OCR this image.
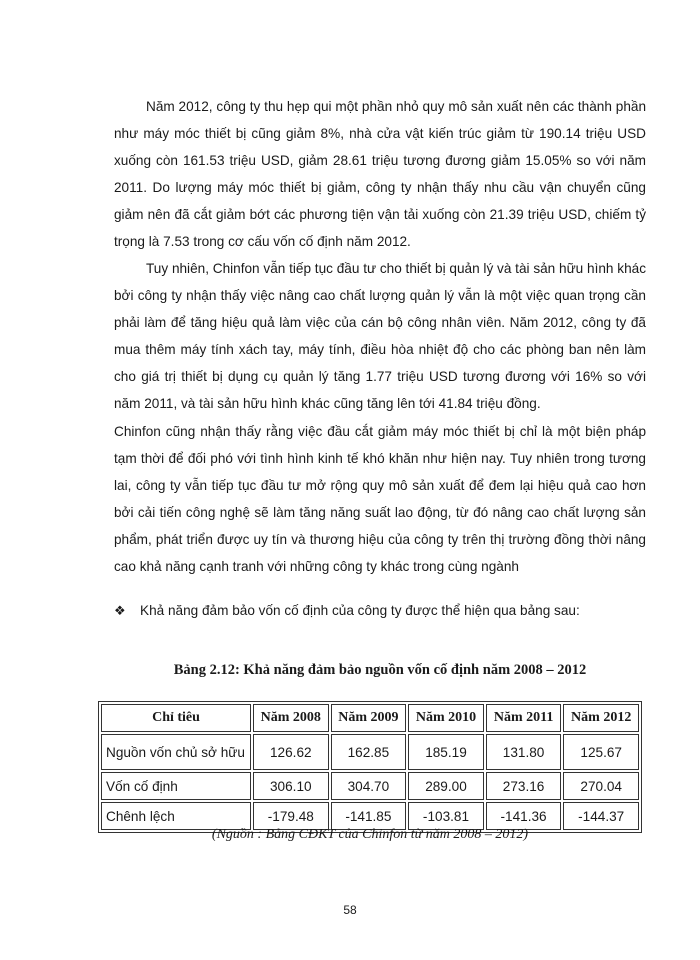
Năm 2012, công ty thu hẹp qui một phần nhỏ quy mô sản xuất nên các thành phần như máy móc thiết bị cũng giảm 8%, nhà cửa vật kiến trúc giảm từ 190.14 triệu USD xuống còn 161.53 triệu USD, giảm 28.61 triệu tương đương giảm 15.05% so với năm 2011. Do lượng máy móc thiết bị giảm, công ty nhận thấy nhu cầu vận chuyển cũng giảm nên đã cắt giảm bớt các phương tiện vận tải xuống còn 21.39 triệu USD, chiếm tỷ trọng là 7.53 trong cơ cấu vốn cố định năm 2012.

Tuy nhiên, Chinfon vẫn tiếp tục đầu tư cho thiết bị quản lý và tài sản hữu hình khác bởi công ty nhận thấy việc nâng cao chất lượng quản lý vẫn là một việc quan trọng cần phải làm để tăng hiệu quả làm việc của cán bộ công nhân viên. Năm 2012, công ty đã mua thêm máy tính xách tay, máy tính, điều hòa nhiệt độ cho các phòng ban nên làm cho giá trị thiết bị dụng cụ quản lý tăng 1.77 triệu USD tương đương với 16% so với năm 2011, và tài sản hữu hình khác cũng tăng lên tới 41.84 triệu đồng.

Chinfon cũng nhận thấy rằng việc đầu cắt giảm máy móc thiết bị chỉ là một biện pháp tạm thời để đối phó với tình hình kinh tế khó khăn như hiện nay. Tuy nhiên trong tương lai, công ty vẫn tiếp tục đầu tư mở rộng quy mô sản xuất để đem lại hiệu quả cao hơn bởi cải tiến công nghệ sẽ làm tăng năng suất lao động, từ đó nâng cao chất lượng sản phẩm, phát triển được uy tín và thương hiệu của công ty trên thị trường đồng thời nâng cao khả năng cạnh tranh với những công ty khác trong cùng ngành

❖ Khả năng đảm bảo vốn cố định của công ty được thể hiện qua bảng sau:

Bảng 2.12: Khả năng đảm bảo nguồn vốn cố định năm 2008 – 2012
Chỉ tiêu	Năm 2008	Năm 2009	Năm 2010	Năm 2011	Năm 2012
Nguồn vốn chủ sở hữu	126.62	162.85	185.19	131.80	125.67
Vốn cố định	306.10	304.70	289.00	273.16	270.04
Chênh lệch	-179.48	-141.85	-103.81	-141.36	-144.37
(Nguồn : Bảng CĐKT của Chinfon từ năm 2008 – 2012)
58
